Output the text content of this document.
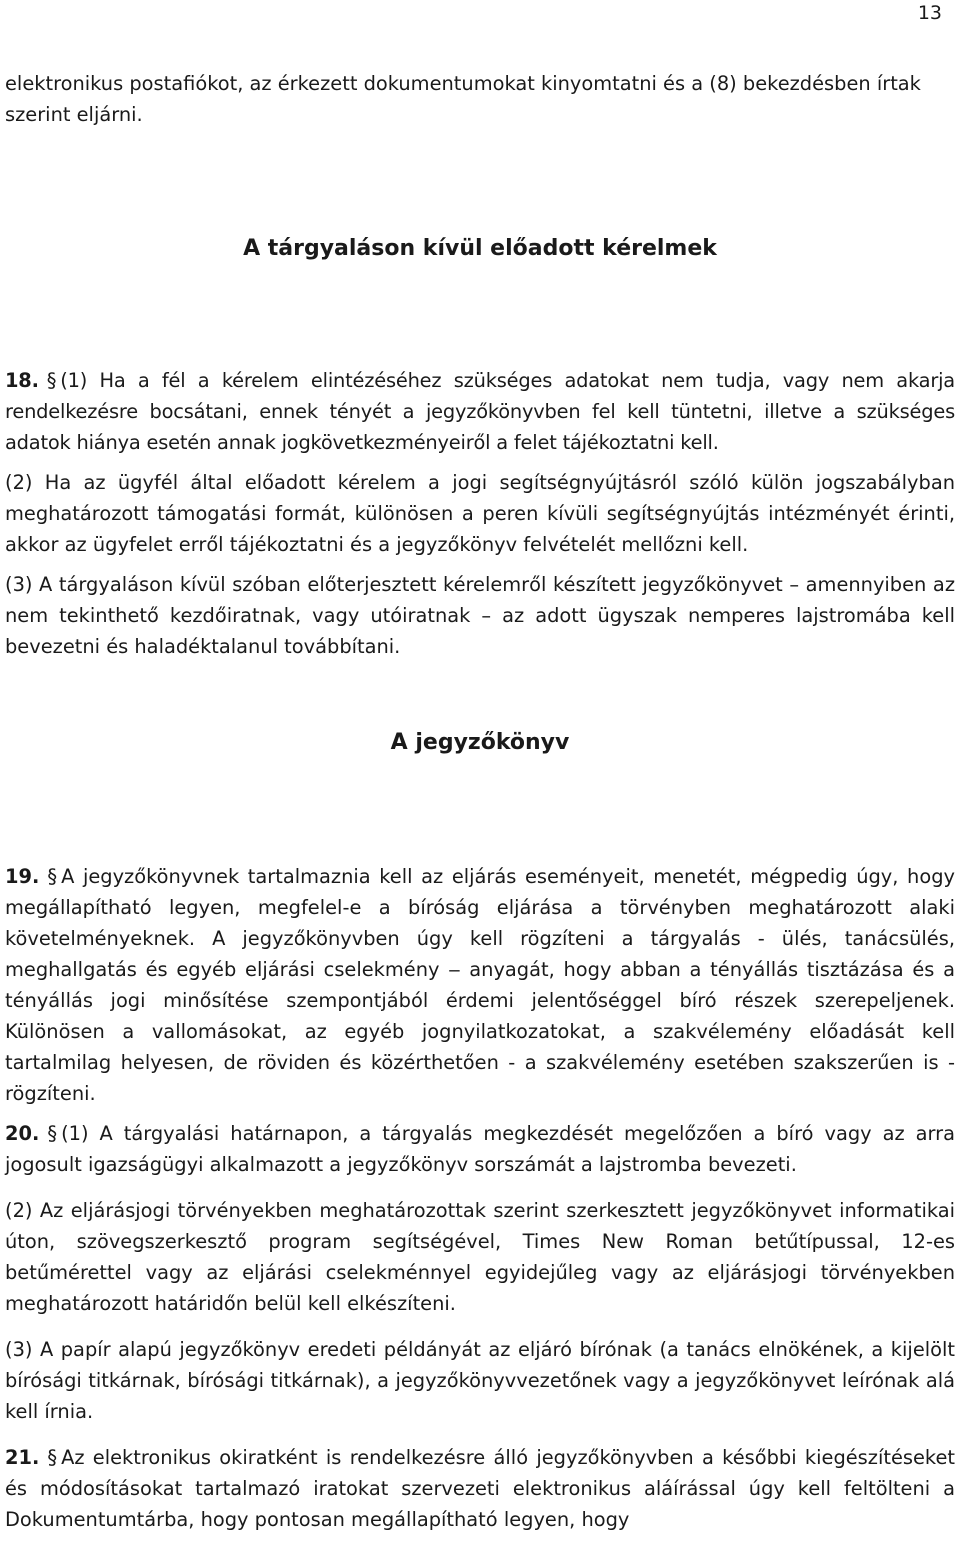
13

elektronikus postafiókot, az érkezett dokumentumokat kinyomtatni és a (8) bekezdésben írtak szerint eljárni.

A tárgyaláson kívül előadott kérelmek

18. § (1) Ha a fél a kérelem elintézéséhez szükséges adatokat nem tudja, vagy nem akarja rendelkezésre bocsátani, ennek tényét a jegyzőkönyvben fel kell tüntetni, illetve a szükséges adatok hiánya esetén annak jogkövetkezményeiről a felet tájékoztatni kell.

(2) Ha az ügyfél által előadott kérelem a jogi segítségnyújtásról szóló külön jogszabályban meghatározott támogatási formát, különösen a peren kívüli segítségnyújtás intézményét érinti, akkor az ügyfelet erről tájékoztatni és a jegyzőkönyv felvételét mellőzni kell.

(3) A tárgyaláson kívül szóban előterjesztett kérelemről készített jegyzőkönyvet – amennyiben az nem tekinthető kezdőiratnak, vagy utóiratnak – az adott ügyszak nemperes lajstromába kell bevezetni és haladéktalanul továbbítani.

A jegyzőkönyv

19. § A jegyzőkönyvnek tartalmaznia kell az eljárás eseményeit, menetét, mégpedig úgy, hogy megállapítható legyen, megfelel-e a bíróság eljárása a törvényben meghatározott alaki követelményeknek. A jegyzőkönyvben úgy kell rögzíteni a tárgyalás - ülés, tanácsülés, meghallgatás és egyéb eljárási cselekmény ‒ anyagát, hogy abban a tényállás tisztázása és a tényállás jogi minősítése szempontjából érdemi jelentőséggel bíró részek szerepeljenek. Különösen a vallomásokat, az egyéb jognyilatkozatokat, a szakvélemény előadását kell tartalmilag helyesen, de röviden és közérthetően - a szakvélemény esetében szakszerűen is - rögzíteni.

20. § (1) A tárgyalási határnapon, a tárgyalás megkezdését megelőzően a bíró vagy az arra jogosult igazságügyi alkalmazott a jegyzőkönyv sorszámát a lajstromba bevezeti.

(2) Az eljárásjogi törvényekben meghatározottak szerint szerkesztett jegyzőkönyvet informatikai úton, szövegszerkesztő program segítségével, Times New Roman betűtípussal, 12-es betűmérettel vagy az eljárási cselekménnyel egyidejűleg vagy az eljárásjogi törvényekben meghatározott határidőn belül kell elkészíteni.

(3) A papír alapú jegyzőkönyv eredeti példányát az eljáró bírónak (a tanács elnökének, a kijelölt bírósági titkárnak, bírósági titkárnak), a jegyzőkönyvvezetőnek vagy a jegyzőkönyvet leírónak alá kell írnia.

21. § Az elektronikus okiratként is rendelkezésre álló jegyzőkönyvben a későbbi kiegészítéseket és módosításokat tartalmazó iratokat szervezeti elektronikus aláírással úgy kell feltölteni a Dokumentumtárba, hogy pontosan megállapítható legyen, hogy
